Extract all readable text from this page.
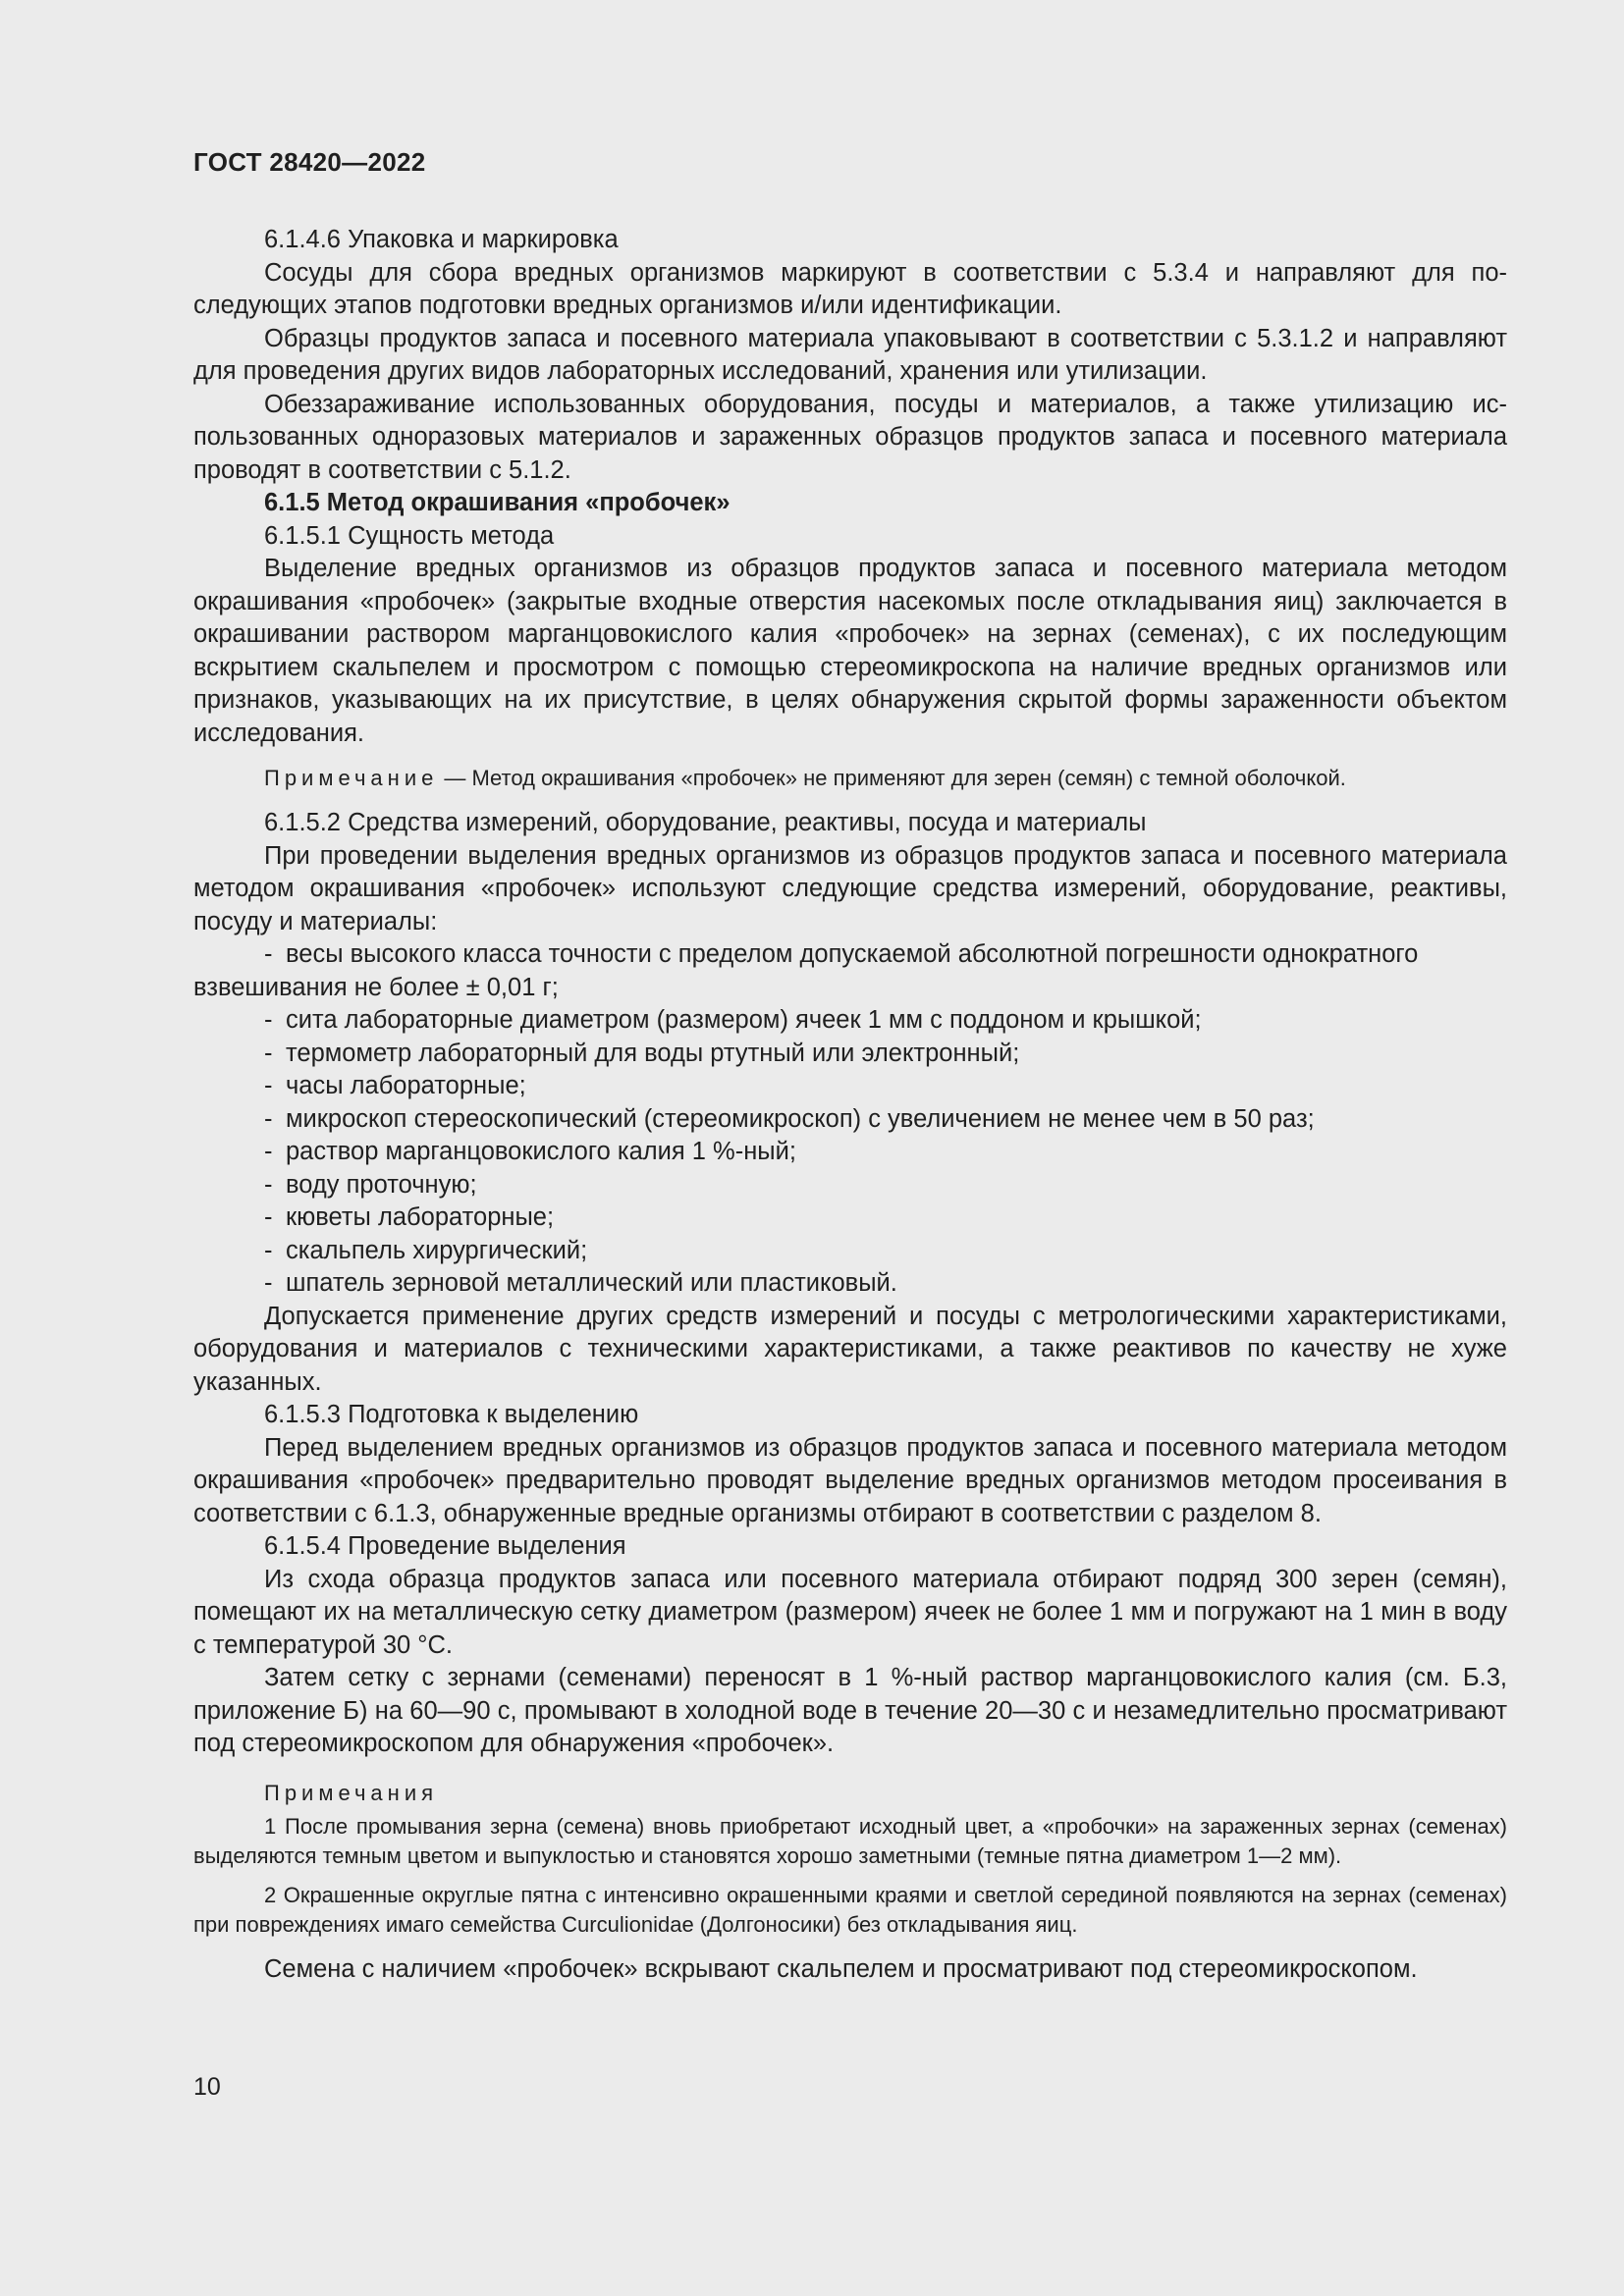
ГОСТ 28420—2022

6.1.4.6 Упаковка и маркировка

Сосуды для сбора вредных организмов маркируют в соответствии с 5.3.4 и направляют для последующих этапов подготовки вредных организмов и/или идентификации.

Образцы продуктов запаса и посевного материала упаковывают в соответствии с 5.3.1.2 и направляют для проведения других видов лабораторных исследований, хранения или утилизации.

Обеззараживание использованных оборудования, посуды и материалов, а также утилизацию использованных одноразовых материалов и зараженных образцов продуктов запаса и посевного материала проводят в соответствии с 5.1.2.

6.1.5 Метод окрашивания «пробочек»

6.1.5.1 Сущность метода

Выделение вредных организмов из образцов продуктов запаса и посевного материала методом окрашивания «пробочек» (закрытые входные отверстия насекомых после откладывания яиц) заключается в окрашивании раствором марганцовокислого калия «пробочек» на зернах (семенах), с их последующим вскрытием скальпелем и просмотром с помощью стереомикроскопа на наличие вредных организмов или признаков, указывающих на их присутствие, в целях обнаружения скрытой формы зараженности объектом исследования.

Примечание — Метод окрашивания «пробочек» не применяют для зерен (семян) с темной оболочкой.

6.1.5.2 Средства измерений, оборудование, реактивы, посуда и материалы

При проведении выделения вредных организмов из образцов продуктов запаса и посевного материала методом окрашивания «пробочек» используют следующие средства измерений, оборудование, реактивы, посуду и материалы:

- весы высокого класса точности с пределом допускаемой абсолютной погрешности однократного взвешивания не более ± 0,01 г;

- сита лабораторные диаметром (размером) ячеек 1 мм с поддоном и крышкой;

- термометр лабораторный для воды ртутный или электронный;

- часы лабораторные;

- микроскоп стереоскопический (стереомикроскоп) с увеличением не менее чем в 50 раз;

- раствор марганцовокислого калия 1 %-ный;

- воду проточную;

- кюветы лабораторные;

- скальпель хирургический;

- шпатель зерновой металлический или пластиковый.

Допускается применение других средств измерений и посуды с метрологическими характеристиками, оборудования и материалов с техническими характеристиками, а также реактивов по качеству не хуже указанных.

6.1.5.3 Подготовка к выделению

Перед выделением вредных организмов из образцов продуктов запаса и посевного материала методом окрашивания «пробочек» предварительно проводят выделение вредных организмов методом просеивания в соответствии с 6.1.3, обнаруженные вредные организмы отбирают в соответствии с разделом 8.

6.1.5.4 Проведение выделения

Из схода образца продуктов запаса или посевного материала отбирают подряд 300 зерен (семян), помещают их на металлическую сетку диаметром (размером) ячеек не более 1 мм и погружают на 1 мин в воду с температурой 30 °С.

Затем сетку с зернами (семенами) переносят в 1 %-ный раствор марганцовокислого калия (см. Б.3, приложение Б) на 60—90 с, промывают в холодной воде в течение 20—30 с и незамедлительно просматривают под стереомикроскопом для обнаружения «пробочек».

Примечания

1 После промывания зерна (семена) вновь приобретают исходный цвет, а «пробочки» на зараженных зернах (семенах) выделяются темным цветом и выпуклостью и становятся хорошо заметными (темные пятна диаметром 1—2 мм).

2 Окрашенные округлые пятна с интенсивно окрашенными краями и светлой серединой появляются на зернах (семенах) при повреждениях имаго семейства Curculionidae (Долгоносики) без откладывания яиц.

Семена с наличием «пробочек» вскрывают скальпелем и просматривают под стереомикроскопом.

10
